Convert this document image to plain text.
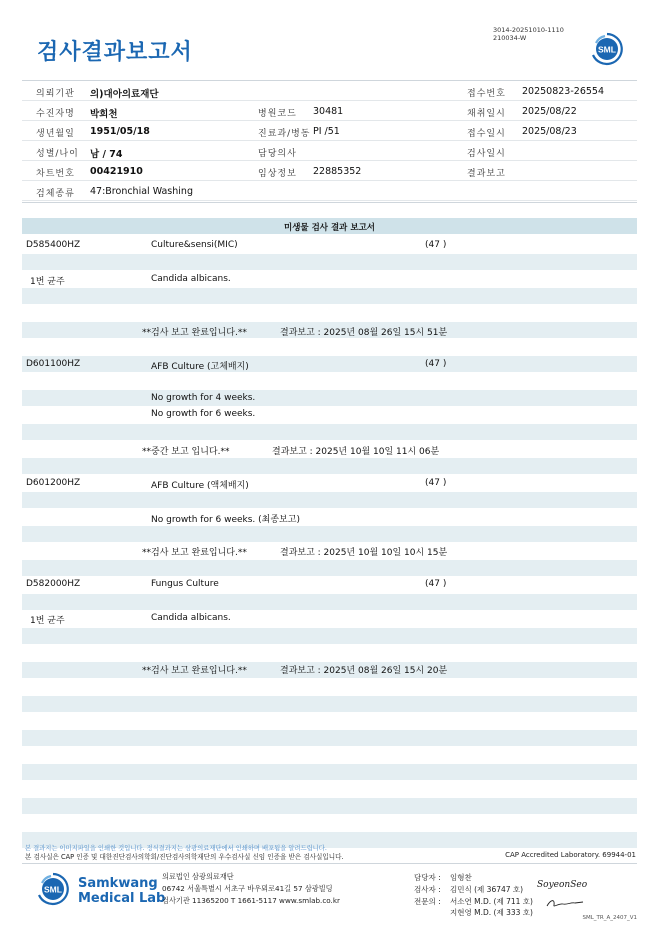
검사결과보고서
3014-20251010-1110
210034-W
SML
의뢰기관 의)대아의료재단	접수번호 20250823-26554
수진자명 박희천	병원코드 30481	채취일시 2025/08/22
생년월일 1951/05/18	진료과/병동 PI /51	접수일시 2025/08/23
성별/나이 남 / 74	담당의사	검사일시
차트번호 00421910	임상정보 22885352	결과보고
검체종류 47:Bronchial Washing
미생물 검사 결과 보고서
D585400HZ	Culture&sensi(MIC)	(47 )
1번 균주	Candida albicans.
**검사 보고 완료입니다.**	결과보고 : 2025년 08월 26일 15시 51분
D601100HZ	AFB Culture (고체배지)	(47 )
No growth for 4 weeks.
No growth for 6 weeks.
**중간 보고 입니다.**	결과보고 : 2025년 10월 10일 11시 06분
D601200HZ	AFB Culture (액체배지)	(47 )
No growth for 6 weeks. (최종보고)
**검사 보고 완료입니다.**	결과보고 : 2025년 10월 10일 10시 15분
D582000HZ	Fungus Culture	(47 )
1번 균주	Candida albicans.
**검사 보고 완료입니다.**	결과보고 : 2025년 08월 26일 15시 20분
본 결과지는 이미지파일을 인쇄한 것입니다. 정식결과지는 삼광의료재단에서 인쇄하며 배포됨을 알려드립니다.
본 검사실은 CAP 인증 및 대한진단검사의학회/진단검사의학재단의 우수검사실 신임 인증을 받은 검사실입니다.	CAP Accredited Laboratory. 69944-01
SML Samkwang
Medical Lab
의료법인 삼광의료재단
06742 서울특별시 서초구 바우뫼로41길 57 삼광빌딩
검사기관 11365200 T 1661-5117 www.smlab.co.kr
담당자 : 임형찬
검사자 : 김민식 (제 36747 호)
전문의 : 서소연 M.D. (제 711 호)
지현영 M.D. (제 333 호)
SoyeonSeo
SML_TR_A_2407_V1
